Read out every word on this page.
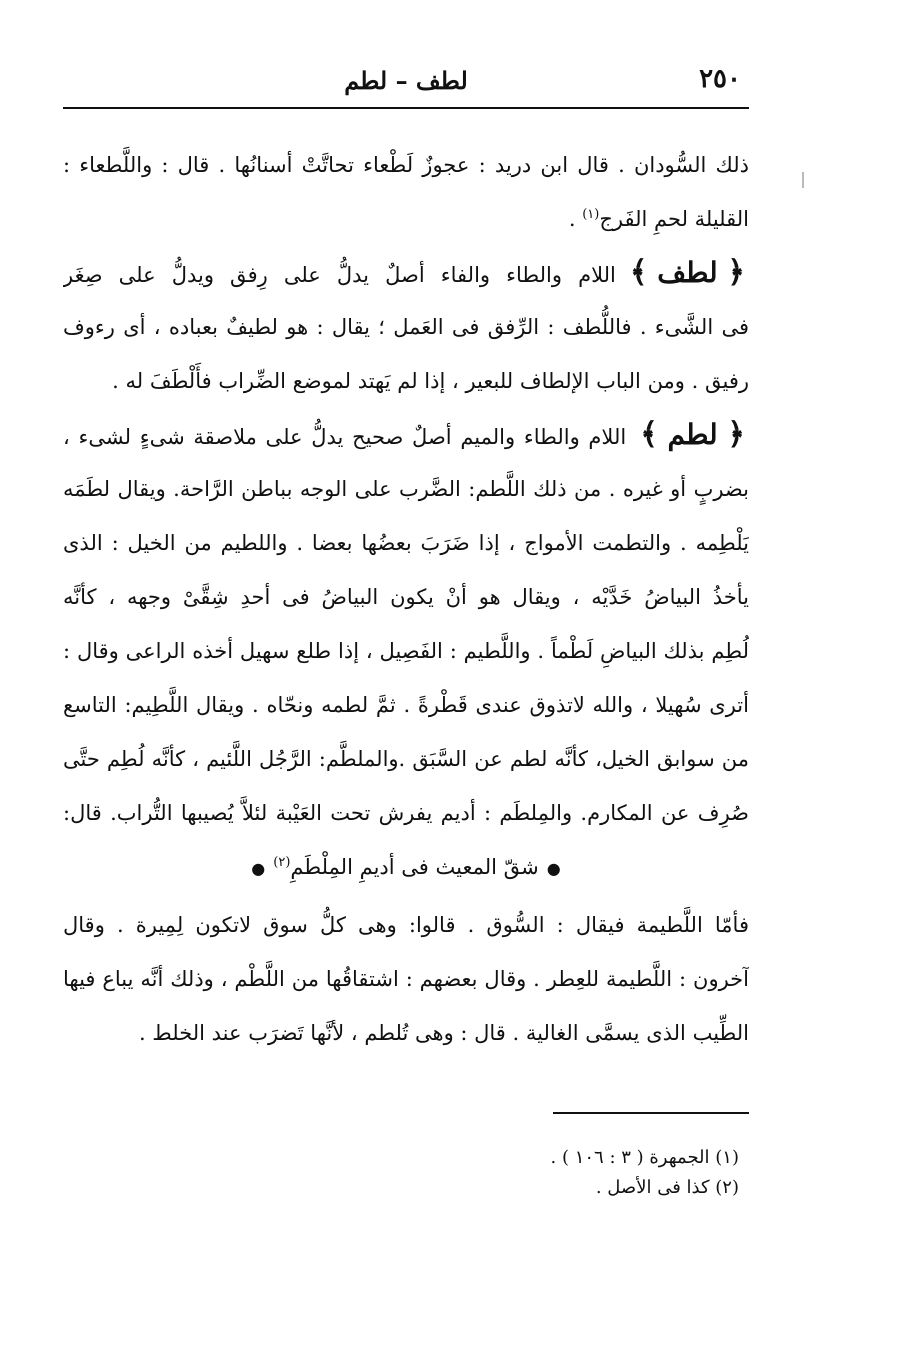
٢٥٠
لطف – لطم
ذلك السُّودان . قال ابن دريد : عجوزٌ لَطْعاء تحاتَّتْ أسنانُها . قال : واللَّطعاء :
القليلة لحمِ الفَرج$^{(١)}$ .
﴿ لطف ﴾اللام والطاء والفاء أصلٌ يدلُّ على رِفق ويدلُّ على صِغَر
فى الشَّىء . فاللُّطف : الرِّفق فى العَمل ؛ يقال : هو لطيفٌ بعباده ، أى رءوف
رفيق . ومن الباب الإلطاف للبعير ، إذا لم يَهتد لموضع الضِّراب فأَلْطَفَ له .
﴿ لطم ﴾اللام والطاء والميم أصلٌ صحيح يدلُّ على ملاصقة شىءٍ لشىء ،
بضربٍ أو غيره . من ذلك اللَّطم: الضَّرب على الوجه بباطن الرَّاحة. ويقال لطَمَه
يَلْطِمه . والتطمت الأمواج ، إذا ضَرَبَ بعضُها بعضا . واللطيم من الخيل : الذى
يأخذُ البياضُ خَدَّيْه ، ويقال هو أنْ يكون البياضُ فى أحدِ شِقَّىْ وجهه ، كأنَّه
لُطِم بذلك البياضِ لَطْماً . واللَّطيم : الفَصِيل ، إذا طلع سهيل أخذه الراعى وقال :
أترى سُهيلا ، والله لاتذوق عندى قَطْرةً . ثمَّ لطمه ونحّاه . ويقال اللَّطِيم: التاسع
من سوابق الخيل، كأنَّه لطم عن السَّبَق .والملطَّم: الرَّجُل اللَّئيم ، كأنَّه لُطِم حتَّى
صُرِف عن المكارم. والمِلطَم : أديم يفرش تحت العَيْبة لئلاَّ يُصيبها التُّراب. قال:
●شقّ المعيث فى أديمِ المِلْطَمِ$^{(٢)}$●
فأمّا اللَّطيمة فيقال : السُّوق . قالوا: وهى كلُّ سوق لاتكون لِمِيرة . وقال
آخرون : اللَّطيمة للعِطر . وقال بعضهم : اشتقاقُها من اللَّطْم ، وذلك أنَّه يباع فيها
الطِّيب الذى يسمَّى الغالية . قال : وهى تُلطم ، لأنَّها تَضرَب عند الخلط .
(١) الجمهرة ( ٣ : ١٠٦ ) .
(٢) كذا فى الأصل .
